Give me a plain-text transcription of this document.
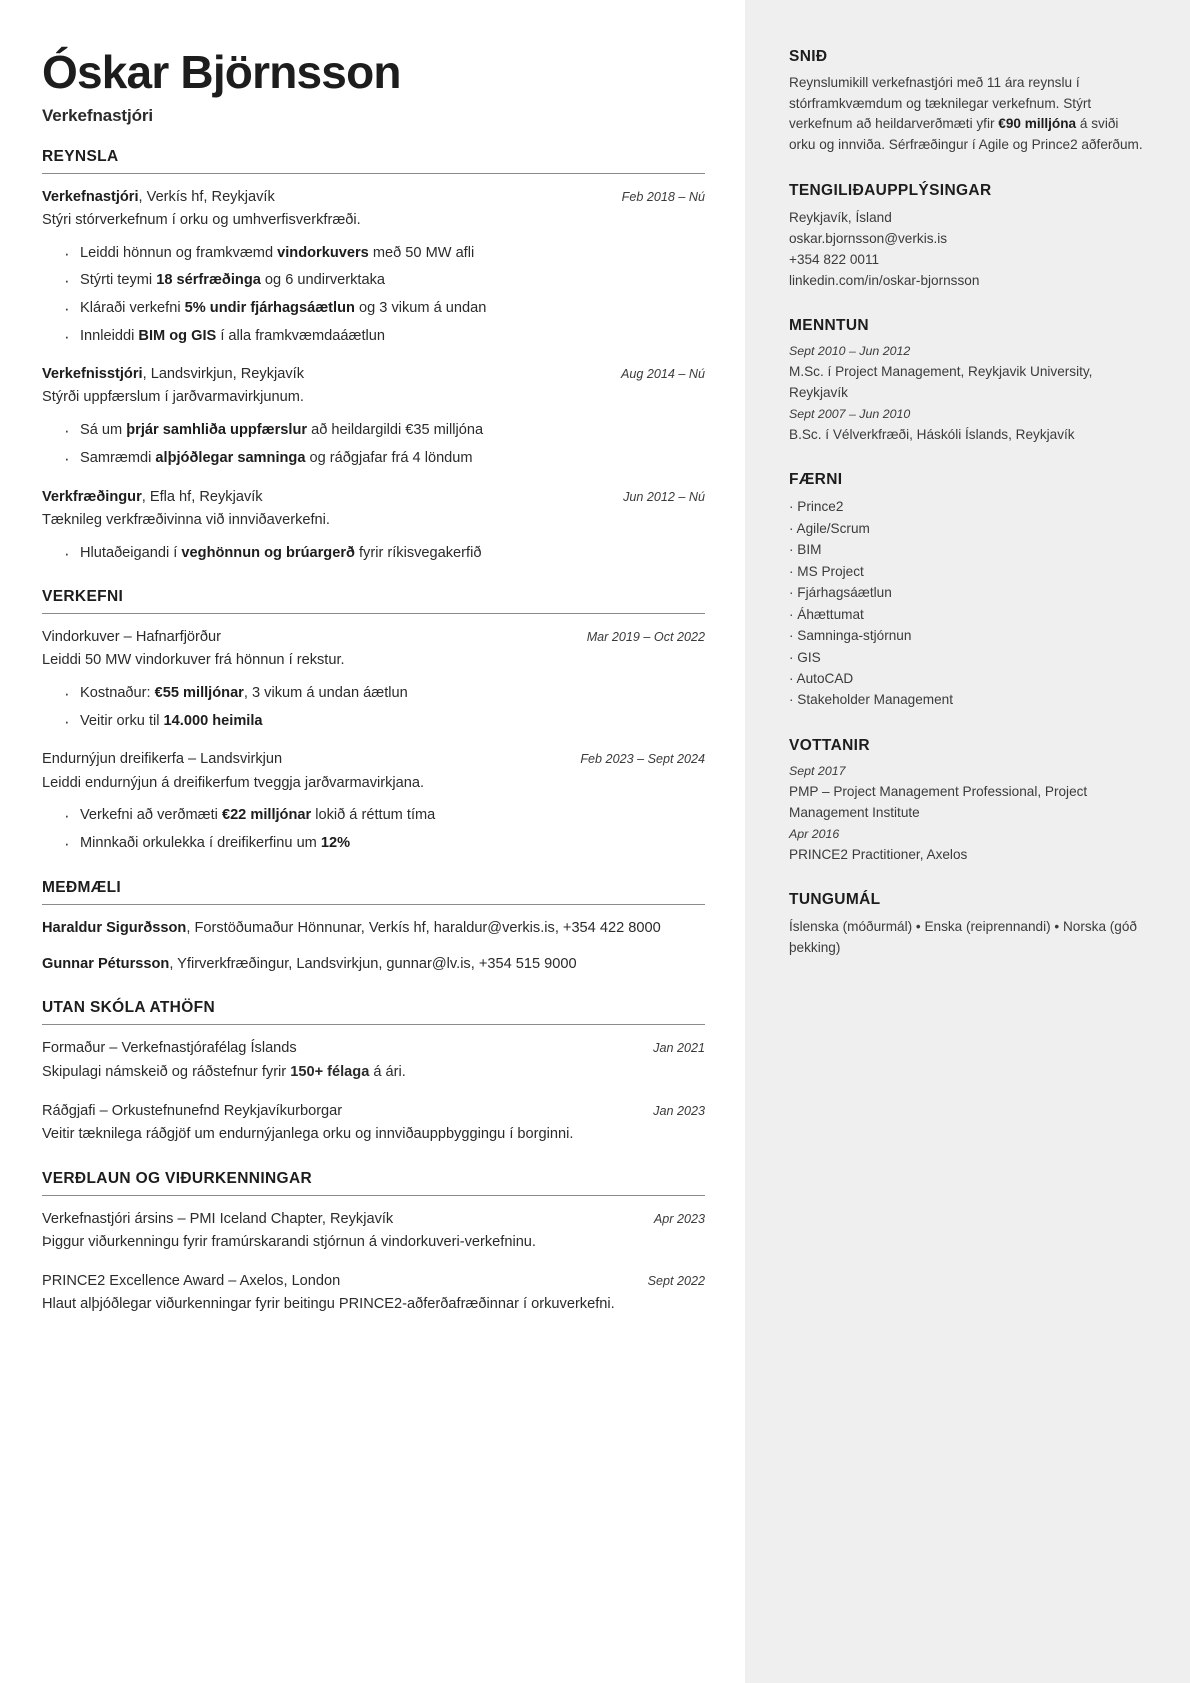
Óskar Björnsson
Verkefnastjóri
REYNSLA
Verkefnastjóri, Verkís hf, Reykjavík	Feb 2018 – Nú
Stýri stórverkefnum í orku og umhverfisverkfræði.
· Leiddi hönnun og framkvæmd vindorkuvers með 50 MW afli
· Stýrti teymi 18 sérfræðinga og 6 undirverktaka
· Kláraði verkefni 5% undir fjárhagsáætlun og 3 vikum á undan
· Innleiddi BIM og GIS í alla framkvæmdaáætlun
Verkefnisstjóri, Landsvirkjun, Reykjavík	Aug 2014 – Nú
Stýrði uppfærslum í jarðvarmavirkjunum.
· Sá um þrjár samhliða uppfærslur að heildargildi €35 milljóna
· Samræmdi alþjóðlegar samninga og ráðgjafar frá 4 löndum
Verkfræðingur, Efla hf, Reykjavík	Jun 2012 – Nú
Tæknileg verkfræðivinna við innviðaverkefni.
· Hlutaðeigandi í veghönnun og brúargerð fyrir ríkisvegakerfið
VERKEFNI
Vindorkuver – Hafnarfjörður	Mar 2019 – Oct 2022
Leiddi 50 MW vindorkuver frá hönnun í rekstur.
· Kostnaður: €55 milljónar, 3 vikum á undan áætlun
· Veitir orku til 14.000 heimila
Endurnýjun dreifikerfa – Landsvirkjun	Feb 2023 – Sept 2024
Leiddi endurnýjun á dreifikerfum tveggja jarðvarmavirkjana.
· Verkefni að verðmæti €22 milljónar lokið á réttum tíma
· Minnkaði orkulekka í dreifikerfinu um 12%
MEÐMÆLI
Haraldur Sigurðsson, Forstöðumaður Hönnunar, Verkís hf, haraldur@verkis.is, +354 422 8000
Gunnar Pétursson, Yfirverkfræðingur, Landsvirkjun, gunnar@lv.is, +354 515 9000
UTAN SKÓLA ATHÖFN
Formaður – Verkefnastjórafélag Íslands	Jan 2021
Skipulagi námskeið og ráðstefnur fyrir 150+ félaga á ári.
Ráðgjafi – Orkustefnunefnd Reykjavíkurborgar	Jan 2023
Veitir tæknilega ráðgjöf um endurnýjanlega orku og innviðauppbyggingu í borginni.
VERÐLAUN OG VIÐURKENNINGAR
Verkefnastjóri ársins – PMI Iceland Chapter, Reykjavík	Apr 2023
Þiggur viðurkenningu fyrir framúrskarandi stjórnun á vindorkuveri-verkefninu.
PRINCE2 Excellence Award – Axelos, London	Sept 2022
Hlaut alþjóðlegar viðurkenningar fyrir beitingu PRINCE2-aðferðafræðinnar í orkuverkefni.
SNIÐ
Reynslumikill verkefnastjóri með 11 ára reynslu í stórframkvæmdum og tæknilegar verkefnum. Stýrt verkefnum að heildarverðmæti yfir €90 milljóna á sviði orku og innviða. Sérfræðingur í Agile og Prince2 aðferðum.
TENGILIÐAUPPLÝSINGAR
Reykjavík, Ísland
oskar.bjornsson@verkis.is
+354 822 0011
linkedin.com/in/oskar-bjornsson
MENNTUN
Sept 2010 – Jun 2012
M.Sc. í Project Management, Reykjavik University, Reykjavík
Sept 2007 – Jun 2010
B.Sc. í Vélverkfræði, Háskóli Íslands, Reykjavík
FÆRNI
· Prince2
· Agile/Scrum
· BIM
· MS Project
· Fjárhagsáætlun
· Áhættumat
· Samninga-stjórnun
· GIS
· AutoCAD
· Stakeholder Management
VOTTANIR
Sept 2017
PMP – Project Management Professional, Project Management Institute
Apr 2016
PRINCE2 Practitioner, Axelos
TUNGUMÁL
Íslenska (móðurmál) • Enska (reiprennandi) • Norska (góð þekking)
